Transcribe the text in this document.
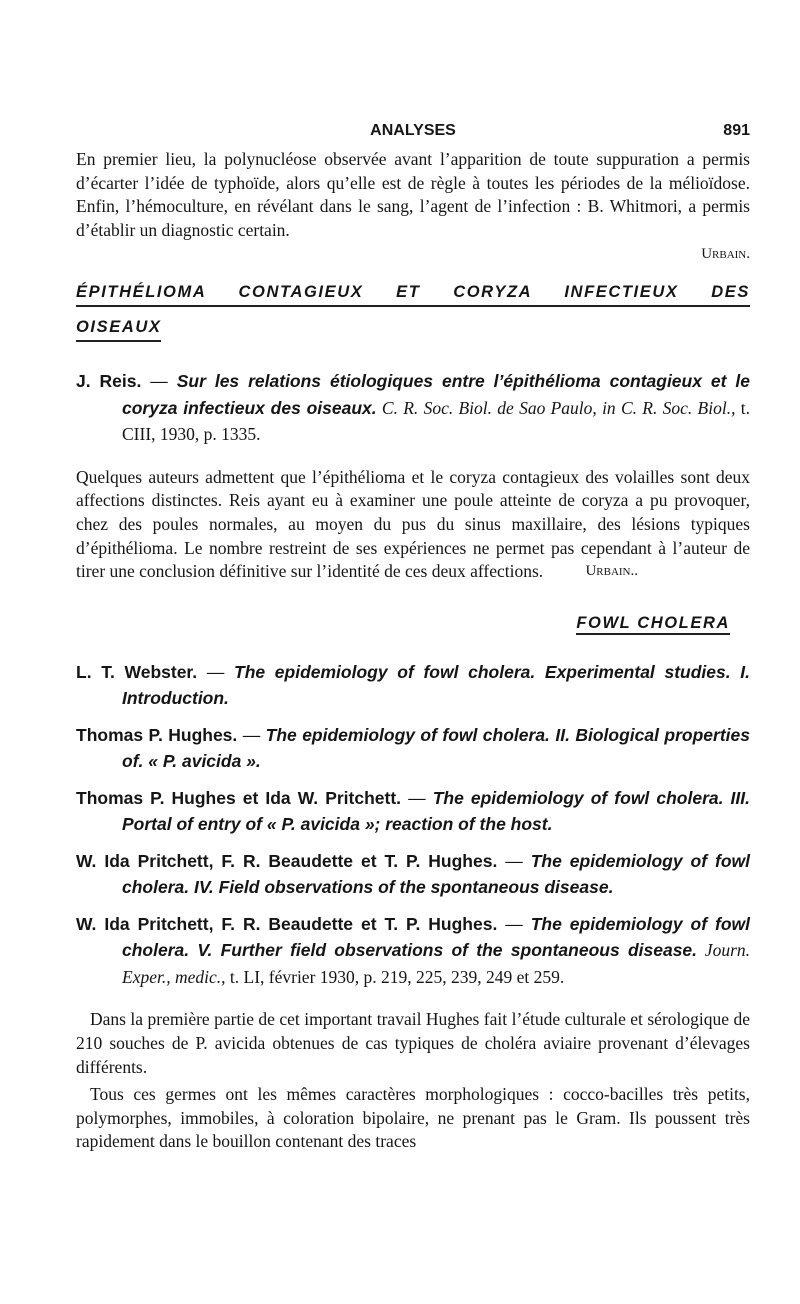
ANALYSES	891

En premier lieu, la polynucléose observée avant l’apparition de toute suppuration a permis d’écarter l’idée de typhoïde, alors qu’elle est de règle à toutes les périodes de la mélioïdose. Enfin, l’hémoculture, en révélant dans le sang, l’agent de l’infection : B. Whitmori, a permis d’établir un diagnostic certain.

Urbain.

ÉPITHÉLIOMA CONTAGIEUX ET CORYZA INFECTIEUX DES
OISEAUX

J. Reis. — Sur les relations étiologiques entre l’épithélioma contagieux et le coryza infectieux des oiseaux. C. R. Soc. Biol. de Sao Paulo, in C. R. Soc. Biol., t. CIII, 1930, p. 1335.

Quelques auteurs admettent que l’épithélioma et le coryza contagieux des volailles sont deux affections distinctes. Reis ayant eu à examiner une poule atteinte de coryza a pu provoquer, chez des poules normales, au moyen du pus du sinus maxillaire, des lésions typiques d’épithélioma. Le nombre restreint de ses expériences ne permet pas cependant à l’auteur de tirer une conclusion définitive sur l’identité de ces deux affections.	Urbain..

FOWL CHOLERA

L. T. Webster. — The epidemiology of fowl cholera. Experimental studies. I. Introduction.

Thomas P. Hughes. — The epidemiology of fowl cholera. II. Biological properties of. « P. avicida ».

Thomas P. Hughes et Ida W. Pritchett. — The epidemiology of fowl cholera. III. Portal of entry of « P. avicida »; reaction of the host.

W. Ida Pritchett, F. R. Beaudette et T. P. Hughes. — The epidemiology of fowl cholera. IV. Field observations of the spontaneous disease.

W. Ida Pritchett, F. R. Beaudette et T. P. Hughes. — The epidemiology of fowl cholera. V. Further field observations of the spontaneous disease. Journ. Exper., medic., t. LI, février 1930, p. 219, 225, 239, 249 et 259.

Dans la première partie de cet important travail Hughes fait l’étude culturale et sérologique de 210 souches de P. avicida obtenues de cas typiques de choléra aviaire provenant d’élevages différents.

Tous ces germes ont les mêmes caractères morphologiques : cocco-bacilles très petits, polymorphes, immobiles, à coloration bipolaire, ne prenant pas le Gram. Ils poussent très rapidement dans le bouillon contenant des traces
